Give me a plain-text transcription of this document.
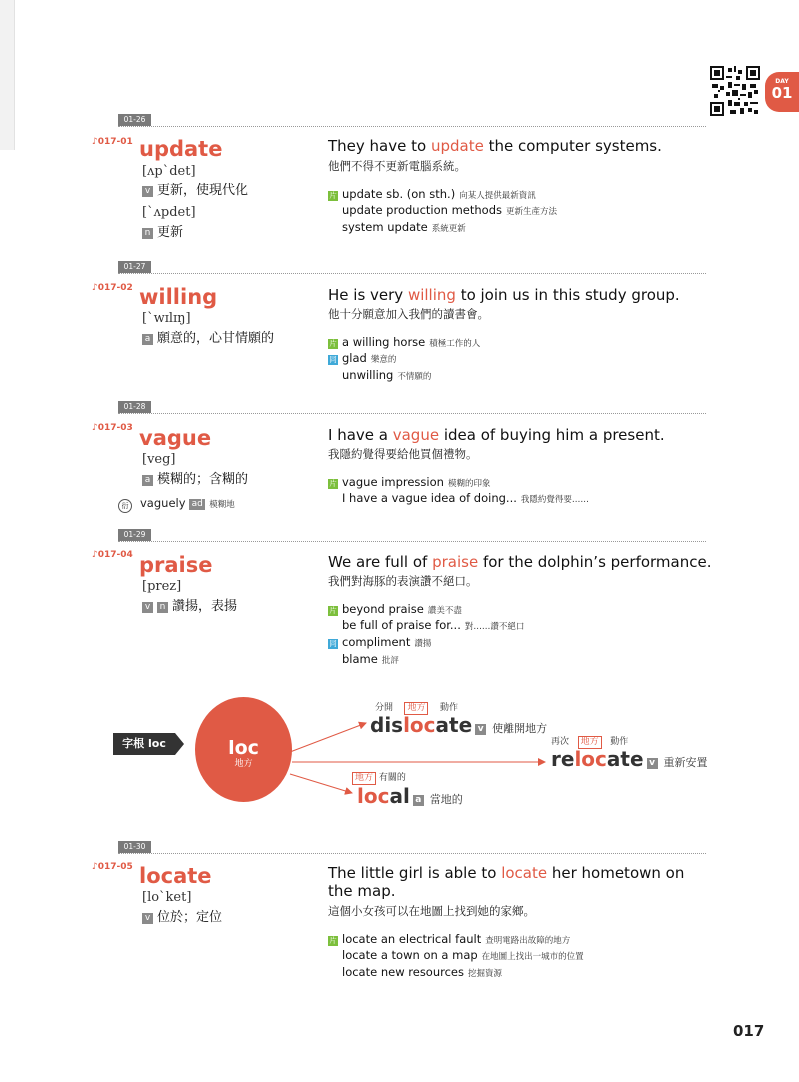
DAY
01
01-26
♪017-01 update
[ʌp`det]
v 更新，使現代化
[`ʌpdet]
n 更新
They have to update the computer systems.
他們不得不更新電腦系統。
片 update sb. (on sth.) 向某人提供最新資訊
update production methods 更新生產方法
system update 系統更新
01-27
♪017-02 willing
[`wɪlɪŋ]
a 願意的，心甘情願的
He is very willing to join us in this study group.
他十分願意加入我們的讀書會。
片 a willing horse 積極工作的人
同 glad 樂意的
unwilling 不情願的
01-28
♪017-03 vague
[veg]
a 模糊的；含糊的
衍 vaguely ad 模糊地
I have a vague idea of buying him a present.
我隱約覺得要給他買個禮物。
片 vague impression 模糊的印象
I have a vague idea of doing... 我隱約覺得要……
01-29
♪017-04 praise
[prez]
v n 讚揚，表揚
We are full of praise for the dolphin’s performance.
我們對海豚的表演讚不絕口。
片 beyond praise 讚美不盡
be full of praise for... 對……讚不絕口
同 compliment 讚揚
blame 批評
字根 loc	loc
地方
分開 地方 動作
dislocate v 使離開地方
再次 地方 動作
relocate v 重新安置
地方 有關的
local a 當地的
01-30
♪017-05 locate
[lo`ket]
v 位於；定位
The little girl is able to locate her hometown on the map.
這個小女孩可以在地圖上找到她的家鄉。
片 locate an electrical fault 查明電路出故障的地方
locate a town on a map 在地圖上找出一城市的位置
locate new resources 挖掘資源
017
